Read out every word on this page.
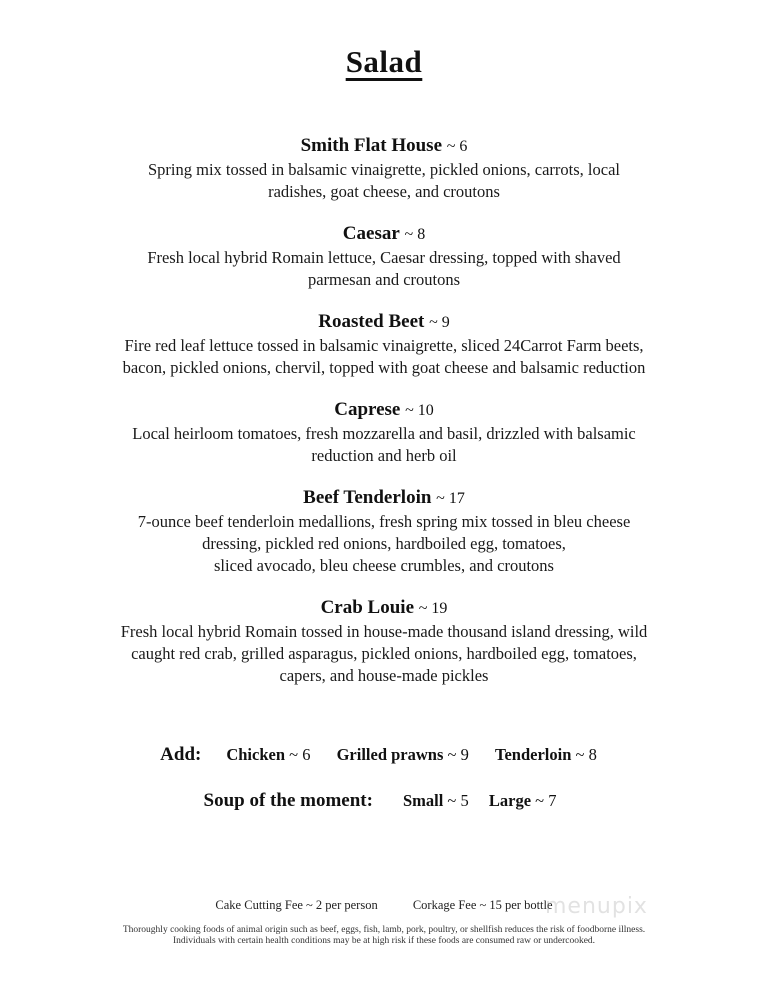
Salad
Smith Flat House ~ 6
Spring mix tossed in balsamic vinaigrette, pickled onions, carrots, local
radishes, goat cheese, and croutons
Caesar ~ 8
Fresh local hybrid Romain lettuce, Caesar dressing, topped with shaved
parmesan and croutons
Roasted Beet ~ 9
Fire red leaf lettuce tossed in balsamic vinaigrette, sliced 24Carrot Farm beets,
bacon, pickled onions, chervil, topped with goat cheese and balsamic reduction
Caprese ~ 10
Local heirloom tomatoes, fresh mozzarella and basil, drizzled with balsamic
reduction and herb oil
Beef Tenderloin ~ 17
7-ounce beef tenderloin medallions, fresh spring mix tossed in bleu cheese
dressing, pickled red onions, hardboiled egg, tomatoes,
sliced avocado, bleu cheese crumbles, and croutons
Crab Louie ~ 19
Fresh local hybrid Romain tossed in house-made thousand island dressing, wild
caught red crab, grilled asparagus, pickled onions, hardboiled egg, tomatoes,
capers, and house-made pickles
Add: Chicken ~ 6 Grilled prawns ~ 9 Tenderloin ~ 8
Soup of the moment: Small ~ 5 Large ~ 7
Cake Cutting Fee ~ 2 per person	Corkage Fee ~ 15 per bottle
Thoroughly cooking foods of animal origin such as beef, eggs, fish, lamb, pork, poultry, or shellfish reduces the risk of foodborne illness.
Individuals with certain health conditions may be at high risk if these foods are consumed raw or undercooked.
menupix
